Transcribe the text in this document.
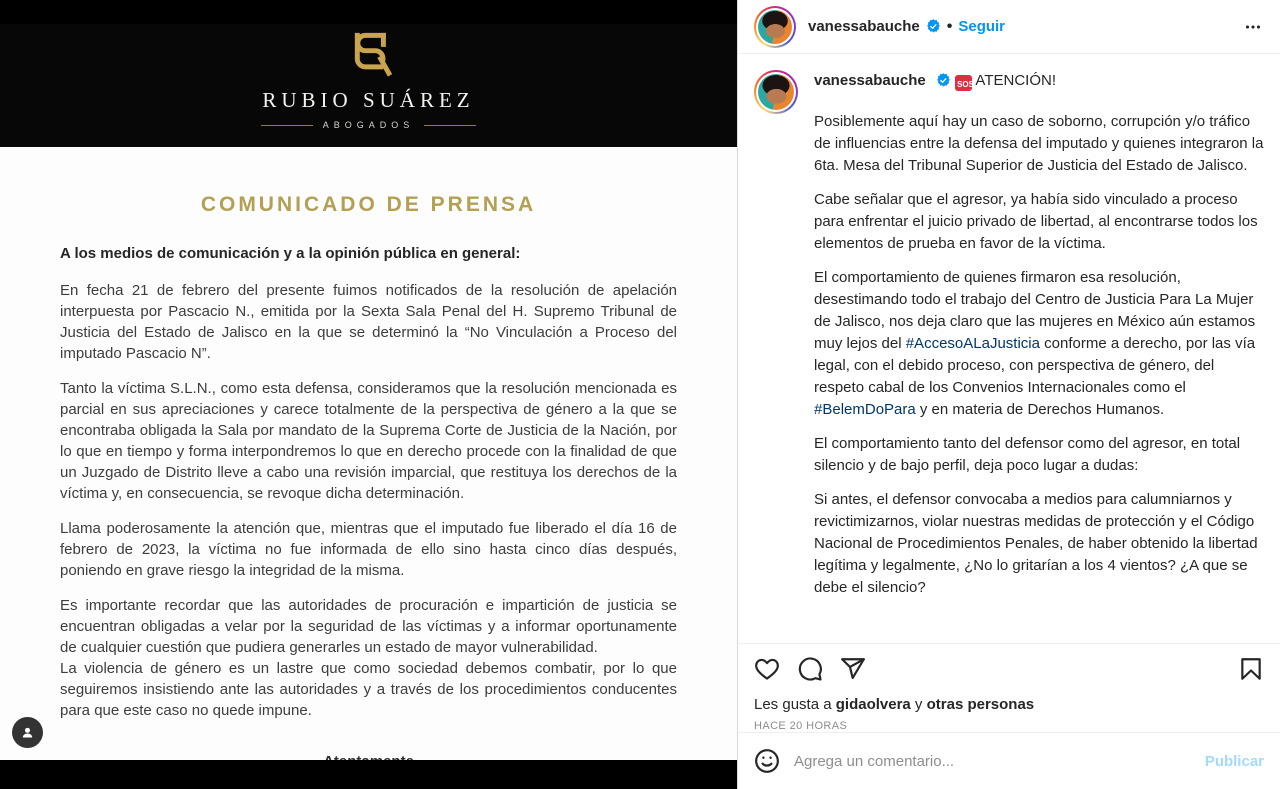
RUBIO SUÁREZ
ABOGADOS
COMUNICADO DE PRENSA

A los medios de comunicación y a la opinión pública en general:

En fecha 21 de febrero del presente fuimos notificados de la resolución de apelación interpuesta por Pascacio N., emitida por la Sexta Sala Penal del H. Supremo Tribunal de Justicia del Estado de Jalisco en la que se determinó la “No Vinculación a Proceso del imputado Pascacio N”.

Tanto la víctima S.L.N., como esta defensa, consideramos que la resolución mencionada es parcial en sus apreciaciones y carece totalmente de la perspectiva de género a la que se encontraba obligada la Sala por mandato de la Suprema Corte de Justicia de la Nación, por lo que en tiempo y forma interpondremos lo que en derecho procede con la finalidad de que un Juzgado de Distrito lleve a cabo una revisión imparcial, que restituya los derechos de la víctima y, en consecuencia, se revoque dicha determinación.

Llama poderosamente la atención que, mientras que el imputado fue liberado el día 16 de febrero de 2023, la víctima no fue informada de ello sino hasta cinco días después, poniendo en grave riesgo la integridad de la misma.

Es importante recordar que las autoridades de procuración e impartición de justicia se encuentran obligadas a velar por la seguridad de las víctimas y a informar oportunamente de cualquier cuestión que pudiera generarles un estado de mayor vulnerabilidad.

La violencia de género es un lastre que como sociedad debemos combatir, por lo que seguiremos insistiendo ante las autoridades y a través de los procedimientos conducentes para que este caso no quede impune.

vanessabauche • Seguir
vanessabauche	SOS ATENCIÓN!
Posiblemente aquí hay un caso de soborno, corrupción y/o tráfico de influencias entre la defensa del imputado y quienes integraron la 6ta. Mesa del Tribunal Superior de Justicia del Estado de Jalisco.
Cabe señalar que el agresor, ya había sido vinculado a proceso para enfrentar el juicio privado de libertad, al encontrarse todos los elementos de prueba en favor de la víctima.
El comportamiento de quienes firmaron esa resolución, desestimando todo el trabajo del Centro de Justicia Para La Mujer de Jalisco, nos deja claro que las mujeres en México aún estamos muy lejos del #AccesoALaJusticia conforme a derecho, por las vía legal, con el debido proceso, con perspectiva de género, del respeto cabal de los Convenios Internacionales como el #BelemDoPara y en materia de Derechos Humanos.
El comportamiento tanto del defensor como del agresor, en total silencio y de bajo perfil, deja poco lugar a dudas:
Si antes, el defensor convocaba a medios para calumniarnos y revictimizarnos, violar nuestras medidas de protección y el Código Nacional de Procedimientos Penales, de haber obtenido la libertad legítima y legalmente, ¿No lo gritarían a los 4 vientos? ¿A que se debe el silencio?
Les gusta a gidaolvera y otras personas
HACE 20 HORAS
Agrega un comentario...
Publicar
